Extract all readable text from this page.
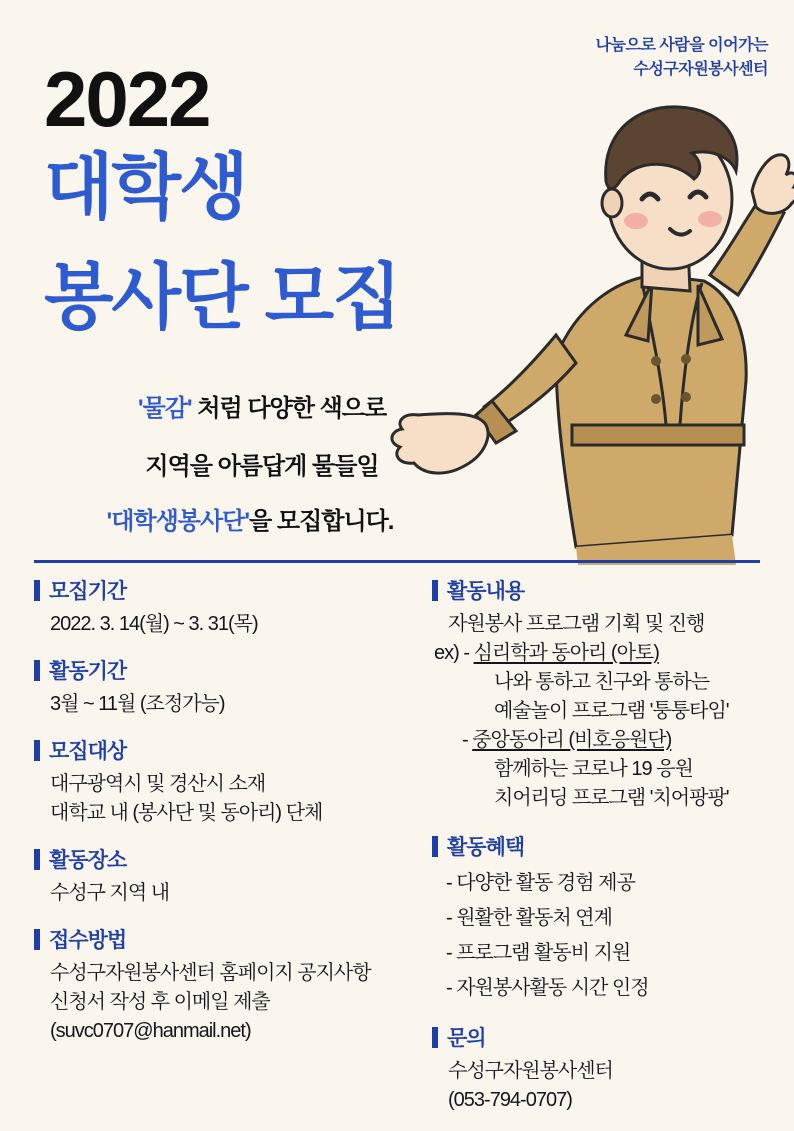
나눔으로 사람을 이어가는
수성구자원봉사센터
2022
대학생
봉사단 모집
'물감' 처럼 다양한 색으로
지역을 아름답게 물들일
'대학생봉사단'을 모집합니다.
모집기간
2022. 3. 14(월) ~ 3. 31(목)
활동기간
3월 ~ 11월 (조정가능)
모집대상
대구광역시 및 경산시 소재
대학교 내 (봉사단 및 동아리) 단체
활동장소
수성구 지역 내
접수방법
수성구자원봉사센터 홈페이지 공지사항
신청서 작성 후 이메일 제출
(suvc0707@hanmail.net)
활동내용
자원봉사 프로그램 기획 및 진행
ex) - 심리학과 동아리 (아토)
나와 통하고 친구와 통하는
예술놀이 프로그램 '퉁퉁타임'
- 중앙동아리 (비호응원단)
함께하는 코로나 19 응원
치어리딩 프로그램 '치어팡팡'
활동혜택
- 다양한 활동 경험 제공
- 원활한 활동처 연계
- 프로그램 활동비 지원
- 자원봉사활동 시간 인정
문의
수성구자원봉사센터
(053-794-0707)
